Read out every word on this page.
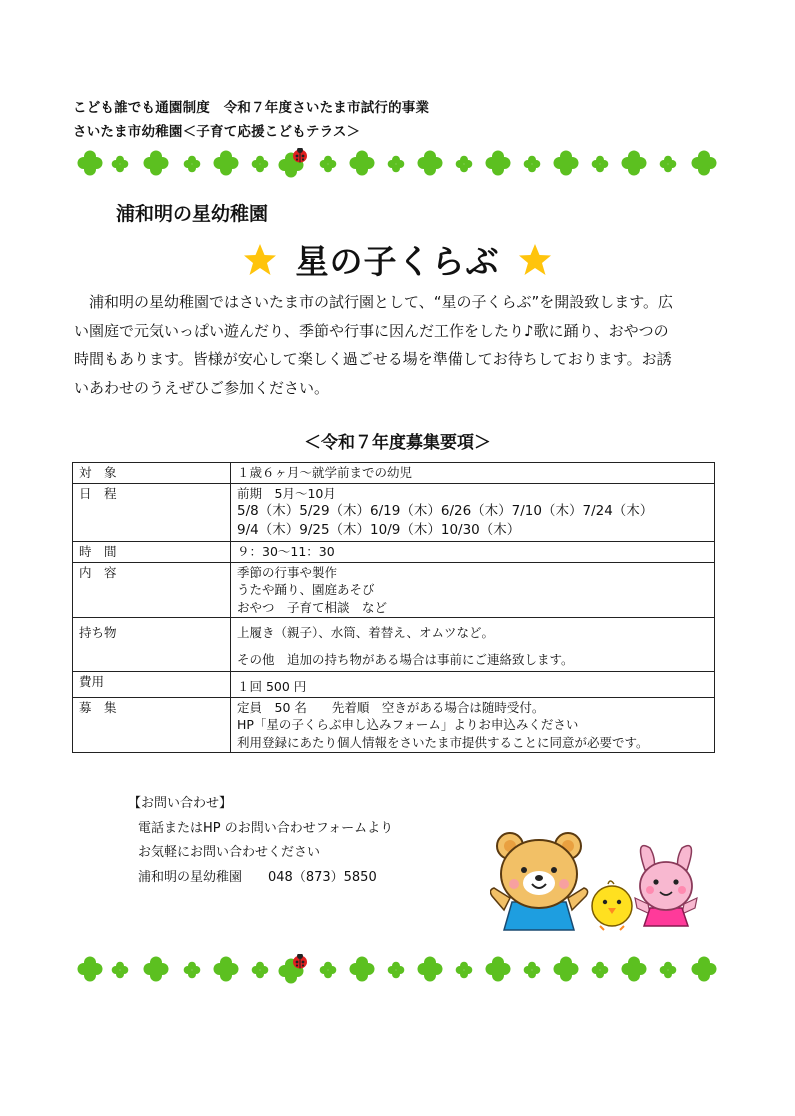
こども誰でも通園制度　令和７年度さいたま市試行的事業
さいたま市幼稚園＜子育て応援こどもテラス＞
浦和明の星幼稚園
星の子くらぶ
　浦和明の星幼稚園ではさいたま市の試行園として、“星の子くらぶ”を開設致します。広
い園庭で元気いっぱい遊んだり、季節や行事に因んだ工作をしたり♪歌に踊り、おやつの
時間もあります。皆様が安心して楽しく過ごせる場を準備してお待ちしております。お誘
いあわせのうえぜひご参加ください。
＜令和７年度募集要項＞
対　象	１歳６ヶ月～就学前までの幼児

日　程	前期　5月～10月
5/8（木）5/29（木）6/19（木）6/26（木）7/10（木）7/24（木）
9/4（木）9/25（木）10/9（木）10/30（木）

時　間	９：30～11：30

内　容	季節の行事や製作
うたや踊り、園庭あそび
おやつ　子育て相談　など

持ち物	上履き（親子）、水筒、着替え、オムツなど。
その他　追加の持ち物がある場合は事前にご連絡致します。

費用	１回 500 円

募　集	定員　50 名　　先着順　空きがある場合は随時受付。
HP「星の子くらぶ申し込みフォーム」よりお申込みください
利用登録にあたり個人情報をさいたま市提供することに同意が必要です。
【お問い合わせ】
電話またはHP のお問い合わせフォームより
お気軽にお問い合わせください
浦和明の星幼稚園　　048（873）5850
